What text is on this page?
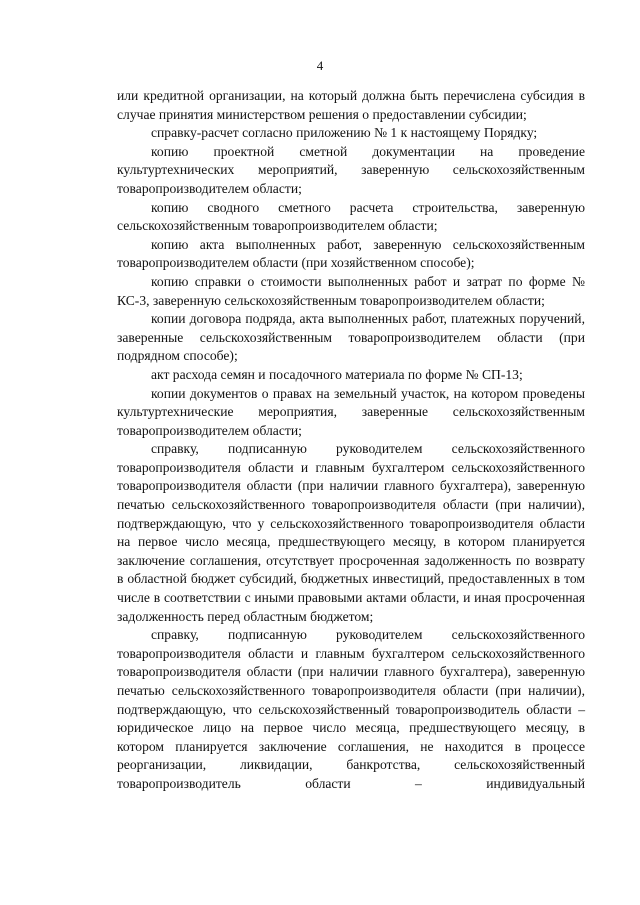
4

или кредитной организации, на который должна быть перечислена субсидия в случае принятия министерством решения о предоставлении субсидии;

справку-расчет согласно приложению № 1 к настоящему Порядку;

копию проектной сметной документации на проведение культуртехнических мероприятий, заверенную сельскохозяйственным товаропроизводителем области;

копию сводного сметного расчета строительства, заверенную сельскохозяйственным товаропроизводителем области;

копию акта выполненных работ, заверенную сельскохозяйственным товаропроизводителем области (при хозяйственном способе);

копию справки о стоимости выполненных работ и затрат по форме № КС-3, заверенную сельскохозяйственным товаропроизводителем области;

копии договора подряда, акта выполненных работ, платежных поручений, заверенные сельскохозяйственным товаропроизводителем области (при подрядном способе);

акт расхода семян и посадочного материала по форме № СП-13;

копии документов о правах на земельный участок, на котором проведены культуртехнические мероприятия, заверенные сельскохозяйственным товаропроизводителем области;

справку, подписанную руководителем сельскохозяйственного товаропроизводителя области и главным бухгалтером сельскохозяйственного товаропроизводителя области (при наличии главного бухгалтера), заверенную печатью сельскохозяйственного товаропроизводителя области (при наличии), подтверждающую, что у сельскохозяйственного товаропроизводителя области на первое число месяца, предшествующего месяцу, в котором планируется заключение соглашения, отсутствует просроченная задолженность по возврату в областной бюджет субсидий, бюджетных инвестиций, предоставленных в том числе в соответствии с иными правовыми актами области, и иная просроченная задолженность перед областным бюджетом;

справку, подписанную руководителем сельскохозяйственного товаропроизводителя области и главным бухгалтером сельскохозяйственного товаропроизводителя области (при наличии главного бухгалтера), заверенную печатью сельскохозяйственного товаропроизводителя области (при наличии), подтверждающую, что сельскохозяйственный товаропроизводитель области – юридическое лицо на первое число месяца, предшествующего месяцу, в котором планируется заключение соглашения, не находится в процессе реорганизации, ликвидации, банкротства, сельскохозяйственный товаропроизводитель области – индивидуальный
